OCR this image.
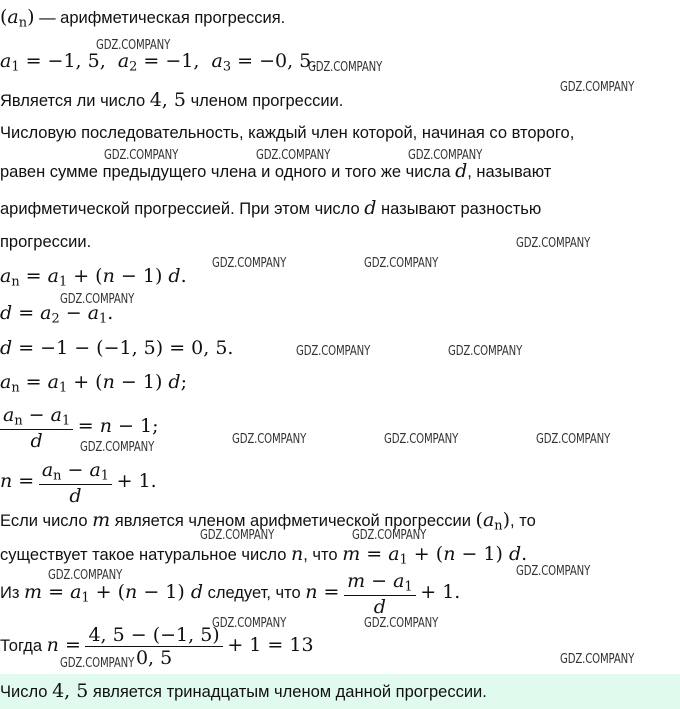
$(a_n)$ — арифметическая прогрессия.
$a_1 = -1$, 5,  $a_2 = -1$,  $a_3 = -0$, 5.
Является ли число 4, 5 членом прогрессии.
Числовую последовательность, каждый член которой, начиная со второго,
равен сумме предыдущего члена и одного и того же числа d, называют
арифметической прогрессией. При этом число d называют разностью
прогрессии.
$a_n = a_1 + (n - 1)$ d.
$d = a_2 - a_1$.
d = −1 − (−1, 5) = 0, 5.
$a_n = a_1 + (n - 1)$ d;
$\frac{a_n - a_1}{d} = n - 1$;
$n = \frac{a_n - a_1}{d} + 1$.
Если число m является членом арифметической прогрессии $(a_n)$, то
существует такое натуральное число n, что $m = a_1 + (n - 1)$ d.
Из $m = a_1 + (n - 1)$ d следует, что $n = \frac{m - a_1}{d} + 1$.
Тогда $n = \frac{4, 5 - (-1, 5)}{0, 5} + 1 = 13$
Число 4, 5 является тринадцатым членом данной прогрессии.
GDZ.COMPANY
GDZ.COMPANY
GDZ.COMPANY
GDZ.COMPANY	GDZ.COMPANY	GDZ.COMPANY
GDZ.COMPANY
GDZ.COMPANY	GDZ.COMPANY
GDZ.COMPANY
GDZ.COMPANY	GDZ.COMPANY
GDZ.COMPANY	GDZ.COMPANY	GDZ.COMPANY
GDZ.COMPANY
GDZ.COMPANY	GDZ.COMPANY
GDZ.COMPANY	GDZ.COMPANY
GDZ.COMPANY	GDZ.COMPANY
GDZ.COMPANY	GDZ.COMPANY
